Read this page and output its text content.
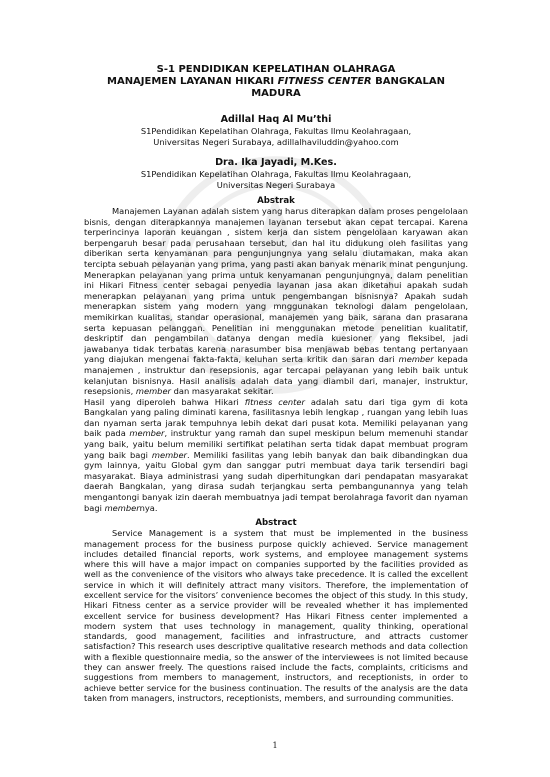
S-1 PENDIDIKAN KEPELATIHAN OLAHRAGA

MANAJEMEN LAYANAN HIKARI FITNESS CENTER BANGKALAN MADURA

Adillal Haq Al Mu’thi
S1Pendidikan Kepelatihan Olahraga, Fakultas Ilmu Keolahragaan,
Universitas Negeri Surabaya, adillalhaviluddin@yahoo.com
Dra. Ika Jayadi, M.Kes.
S1Pendidikan Kepelatihan Olahraga, Fakultas Ilmu Keolahragaan,
Universitas Negeri Surabaya
Abstrak

Manajemen Layanan adalah sistem yang harus diterapkan dalam proses pengelolaan bisnis, dengan diterapkannya manajemen layanan tersebut akan cepat tercapai. Karena terperincinya laporan keuangan , sistem kerja dan sistem pengelolaan karyawan akan berpengaruh besar pada perusahaan tersebut, dan hal itu didukung oleh fasilitas yang diberikan serta kenyamanan para pengunjungnya yang selalu diutamakan, maka akan tercipta sebuah pelayanan yang prima, yang pasti akan banyak menarik minat pengunjung. Menerapkan pelayanan yang prima untuk kenyamanan pengunjungnya, dalam penelitian ini Hikari Fitness center sebagai penyedia layanan jasa akan diketahui apakah sudah menerapkan pelayanan yang prima untuk pengembangan bisnisnya? Apakah sudah menerapkan sistem yang modern yang mnggunakan teknologi dalam pengelolaan, memikirkan kualitas, standar operasional, manajemen yang baik, sarana dan prasarana serta kepuasan pelanggan. Penelitian ini menggunakan metode penelitian kualitatif, deskriptif dan pengambilan datanya dengan media kuesioner yang fleksibel, jadi jawabanya tidak terbatas karena narasumber bisa menjawab bebas tentang pertanyaan yang diajukan mengenai fakta-fakta, keluhan serta kritik dan saran dari member kepada manajemen , instruktur dan resepsionis, agar tercapai pelayanan yang lebih baik untuk kelanjutan bisnisnya. Hasil analisis adalah data yang diambil dari, manajer, instruktur, resepsionis, member dan masyarakat sekitar.

Hasil yang diperoleh bahwa Hikari fitness center adalah satu dari tiga gym di kota Bangkalan yang paling diminati karena, fasilitasnya lebih lengkap , ruangan yang lebih luas dan nyaman serta jarak tempuhnya lebih dekat dari pusat kota. Memiliki pelayanan yang baik pada member, instruktur yang ramah dan supel meskipun belum memenuhi standar yang baik, yaitu belum memiliki sertifikat pelatihan serta tidak dapat membuat program yang baik bagi member. Memiliki fasilitas yang lebih banyak dan baik dibandingkan dua gym lainnya, yaitu Global gym dan sanggar putri membuat daya tarik tersendiri bagi masyarakat. Biaya administrasi yang sudah diperhitungkan dari pendapatan masyarakat daerah Bangkalan, yang dirasa sudah terjangkau serta pembangunannya yang telah mengantongi banyak izin daerah membuatnya jadi tempat berolahraga favorit dan nyaman bagi membernya.

Abstract

Service Management is a system that must be implemented in the business management process for the business purpose quickly achieved. Service management includes detailed financial reports, work systems, and employee management systems where this will have a major impact on companies supported by the facilities provided as well as the convenience of the visitors who always take precedence. It is called the excellent service in which it will definitely attract many visitors. Therefore, the implementation of excellent service for the visitors’ convenience becomes the object of this study. In this study, Hikari Fitness center as a service provider will be revealed whether it has implemented excellent service for business development? Has Hikari Fitness center implemented a modern system that uses technology in management, quality thinking, operational standards, good management, facilities and infrastructure, and attracts customer satisfaction? This research uses descriptive qualitative research methods and data collection with a flexible questionnaire media, so the answer of the interviewees is not limited because they can answer freely. The questions raised include the facts, complaints, criticisms and suggestions from members to management, instructors, and receptionists, in order to achieve better service for the business continuation. The results of the analysis are the data taken from managers, instructors, receptionists, members, and surrounding communities.

1
